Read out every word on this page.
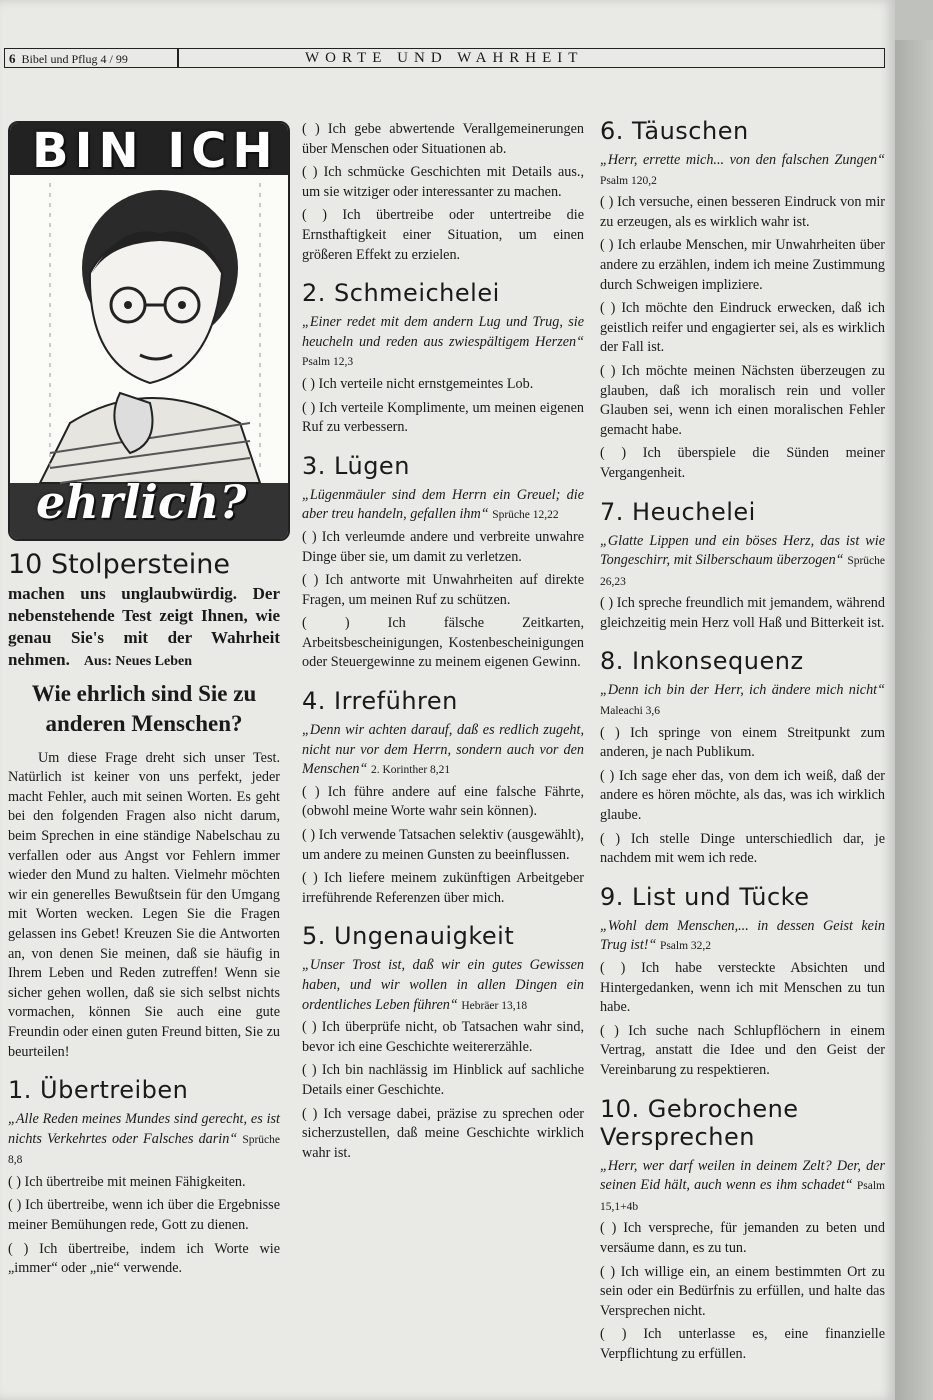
6 Bibel und Pflug 4 / 99	WORTE UND WAHRHEIT
BIN ICH
ehrlich?
10 Stolpersteine

machen uns unglaubwürdig. Der nebenstehende Test zeigt Ihnen, wie genau Sie's mit der Wahrheit nehmen. Aus: Neues Leben

Wie ehrlich sind Sie zu anderen Menschen?

Um diese Frage dreht sich unser Test. Natürlich ist keiner von uns perfekt, jeder macht Fehler, auch mit seinen Worten. Es geht bei den folgenden Fragen also nicht darum, beim Sprechen in eine ständige Nabelschau zu verfallen oder aus Angst vor Fehlern immer wieder den Mund zu halten. Vielmehr möchten wir ein generelles Bewußtsein für den Umgang mit Worten wecken. Legen Sie die Fragen gelassen ins Gebet! Kreuzen Sie die Antworten an, von denen Sie meinen, daß sie häufig in Ihrem Leben und Reden zutreffen! Wenn sie sicher gehen wollen, daß sie sich selbst nichts vormachen, können Sie auch eine gute Freundin oder einen guten Freund bitten, Sie zu beurteilen!

1. Übertreiben

„Alle Reden meines Mundes sind gerecht, es ist nichts Verkehrtes oder Falsches darin“ Sprüche 8,8

( ) Ich übertreibe mit meinen Fähigkeiten.

( ) Ich übertreibe, wenn ich über die Ergebnisse meiner Bemühungen rede, Gott zu dienen.

( ) Ich übertreibe, indem ich Worte wie „immer“ oder „nie“ verwende.

( ) Ich gebe abwertende Verallgemeinerungen über Menschen oder Situationen ab.

( ) Ich schmücke Geschichten mit Details aus., um sie witziger oder interessanter zu machen.

( ) Ich übertreibe oder untertreibe die Ernsthaftigkeit einer Situation, um einen größeren Effekt zu erzielen.

2. Schmeichelei

„Einer redet mit dem andern Lug und Trug, sie heucheln und reden aus zwiespältigem Herzen“ Psalm 12,3

( ) Ich verteile nicht ernstgemeintes Lob.

( ) Ich verteile Komplimente, um meinen eigenen Ruf zu verbessern.

3. Lügen

„Lügenmäuler sind dem Herrn ein Greuel; die aber treu handeln, gefallen ihm“ Sprüche 12,22

( ) Ich verleumde andere und verbreite unwahre Dinge über sie, um damit zu verletzen.

( ) Ich antworte mit Unwahrheiten auf direkte Fragen, um meinen Ruf zu schützen.

( ) Ich fälsche Zeitkarten, Arbeitsbescheinigungen, Kostenbescheinigungen oder Steuergewinne zu meinem eigenen Gewinn.

4. Irreführen

„Denn wir achten darauf, daß es redlich zugeht, nicht nur vor dem Herrn, sondern auch vor den Menschen“ 2. Korinther 8,21

( ) Ich führe andere auf eine falsche Fährte, (obwohl meine Worte wahr sein können).

( ) Ich verwende Tatsachen selektiv (ausgewählt), um andere zu meinen Gunsten zu beeinflussen.

( ) Ich liefere meinem zukünftigen Arbeitgeber irreführende Referenzen über mich.

5. Ungenauigkeit

„Unser Trost ist, daß wir ein gutes Gewissen haben, und wir wollen in allen Dingen ein ordentliches Leben führen“ Hebräer 13,18

( ) Ich überprüfe nicht, ob Tatsachen wahr sind, bevor ich eine Geschichte weitererzähle.

( ) Ich bin nachlässig im Hinblick auf sachliche Details einer Geschichte.

( ) Ich versage dabei, präzise zu sprechen oder sicherzustellen, daß meine Geschichte wirklich wahr ist.

6. Täuschen

„Herr, errette mich... von den falschen Zungen“ Psalm 120,2

( ) Ich versuche, einen besseren Eindruck von mir zu erzeugen, als es wirklich wahr ist.

( ) Ich erlaube Menschen, mir Unwahrheiten über andere zu erzählen, indem ich meine Zustimmung durch Schweigen impliziere.

( ) Ich möchte den Eindruck erwecken, daß ich geistlich reifer und engagierter sei, als es wirklich der Fall ist.

( ) Ich möchte meinen Nächsten überzeugen zu glauben, daß ich moralisch rein und voller Glauben sei, wenn ich einen moralischen Fehler gemacht habe.

( ) Ich überspiele die Sünden meiner Vergangenheit.

7. Heuchelei

„Glatte Lippen und ein böses Herz, das ist wie Tongeschirr, mit Silberschaum überzogen“ Sprüche 26,23

( ) Ich spreche freundlich mit jemandem, während gleichzeitig mein Herz voll Haß und Bitterkeit ist.

8. Inkonsequenz

„Denn ich bin der Herr, ich ändere mich nicht“ Maleachi 3,6

( ) Ich springe von einem Streitpunkt zum anderen, je nach Publikum.

( ) Ich sage eher das, von dem ich weiß, daß der andere es hören möchte, als das, was ich wirklich glaube.

( ) Ich stelle Dinge unterschiedlich dar, je nachdem mit wem ich rede.

9. List und Tücke

„Wohl dem Menschen,... in dessen Geist kein Trug ist!“ Psalm 32,2

( ) Ich habe versteckte Absichten und Hintergedanken, wenn ich mit Menschen zu tun habe.

( ) Ich suche nach Schlupflöchern in einem Vertrag, anstatt die Idee und den Geist der Vereinbarung zu respektieren.

10. Gebrochene Versprechen

„Herr, wer darf weilen in deinem Zelt? Der, der seinen Eid hält, auch wenn es ihm schadet“ Psalm 15,1+4b

( ) Ich verspreche, für jemanden zu beten und versäume dann, es zu tun.

( ) Ich willige ein, an einem bestimmten Ort zu sein oder ein Bedürfnis zu erfüllen, und halte das Versprechen nicht.

( ) Ich unterlasse es, eine finanzielle Verpflichtung zu erfüllen.
